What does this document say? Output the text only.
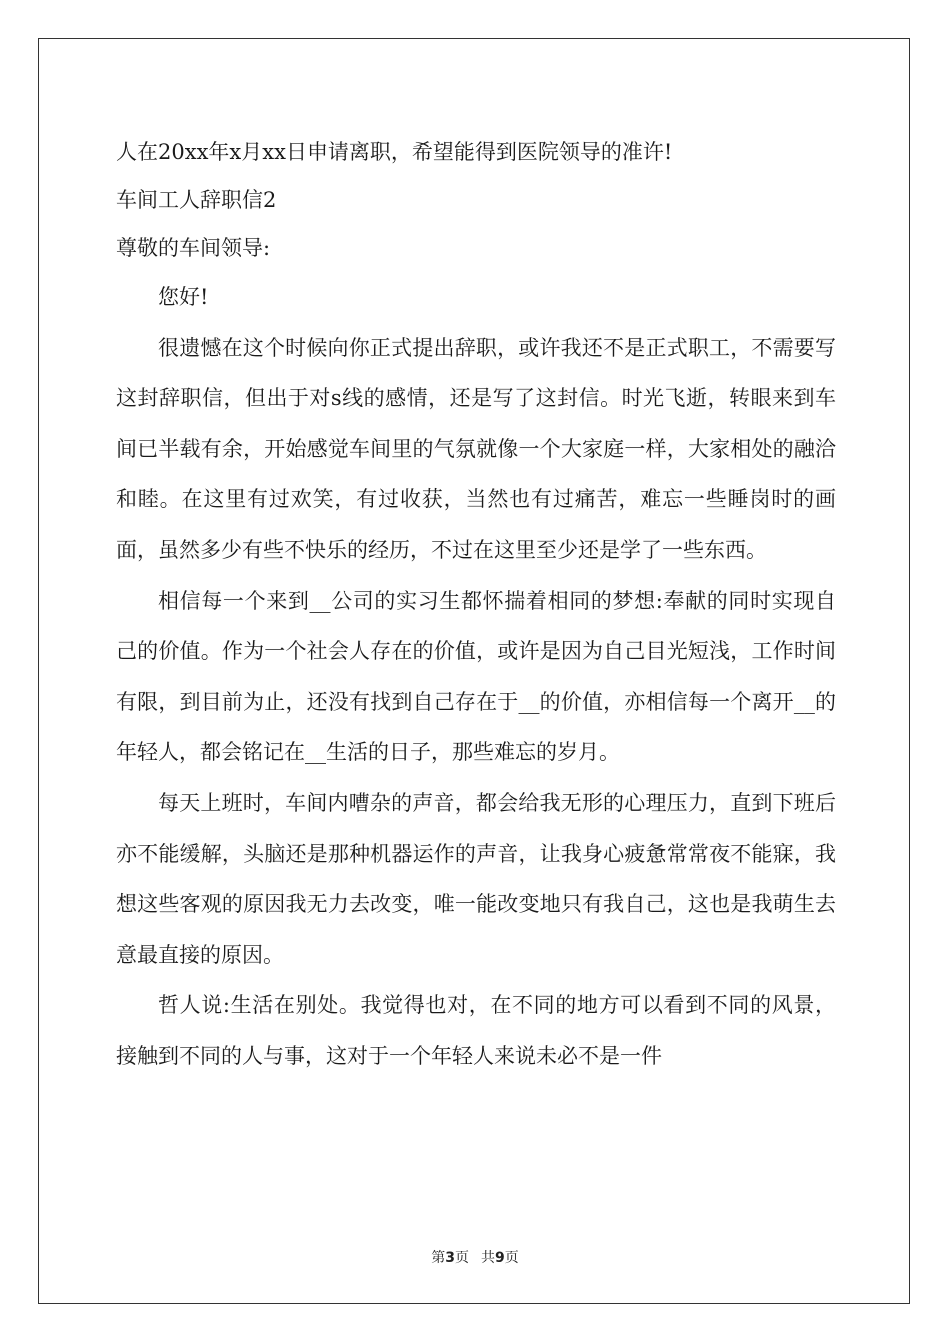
人在20xx年x月xx日申请离职，希望能得到医院领导的准许!
车间工人辞职信2
尊敬的车间领导:

您好!

很遗憾在这个时候向你正式提出辞职，或许我还不是正式职工，不需要写这封辞职信，但出于对s线的感情，还是写了这封信。时光飞逝，转眼来到车间已半载有余，开始感觉车间里的气氛就像一个大家庭一样，大家相处的融洽和睦。在这里有过欢笑，有过收获，当然也有过痛苦，难忘一些睡岗时的画面，虽然多少有些不快乐的经历，不过在这里至少还是学了一些东西。

相信每一个来到__公司的实习生都怀揣着相同的梦想:奉献的同时实现自己的价值。作为一个社会人存在的价值，或许是因为自己目光短浅，工作时间有限，到目前为止，还没有找到自己存在于__的价值，亦相信每一个离开__的年轻人，都会铭记在__生活的日子，那些难忘的岁月。

每天上班时，车间内嘈杂的声音，都会给我无形的心理压力，直到下班后亦不能缓解，头脑还是那种机器运作的声音，让我身心疲惫常常夜不能寐，我想这些客观的原因我无力去改变，唯一能改变地只有我自己，这也是我萌生去意最直接的原因。

哲人说:生活在别处。我觉得也对，在不同的地方可以看到不同的风景，接触到不同的人与事，这对于一个年轻人来说未必不是一件

第3页 共9页
